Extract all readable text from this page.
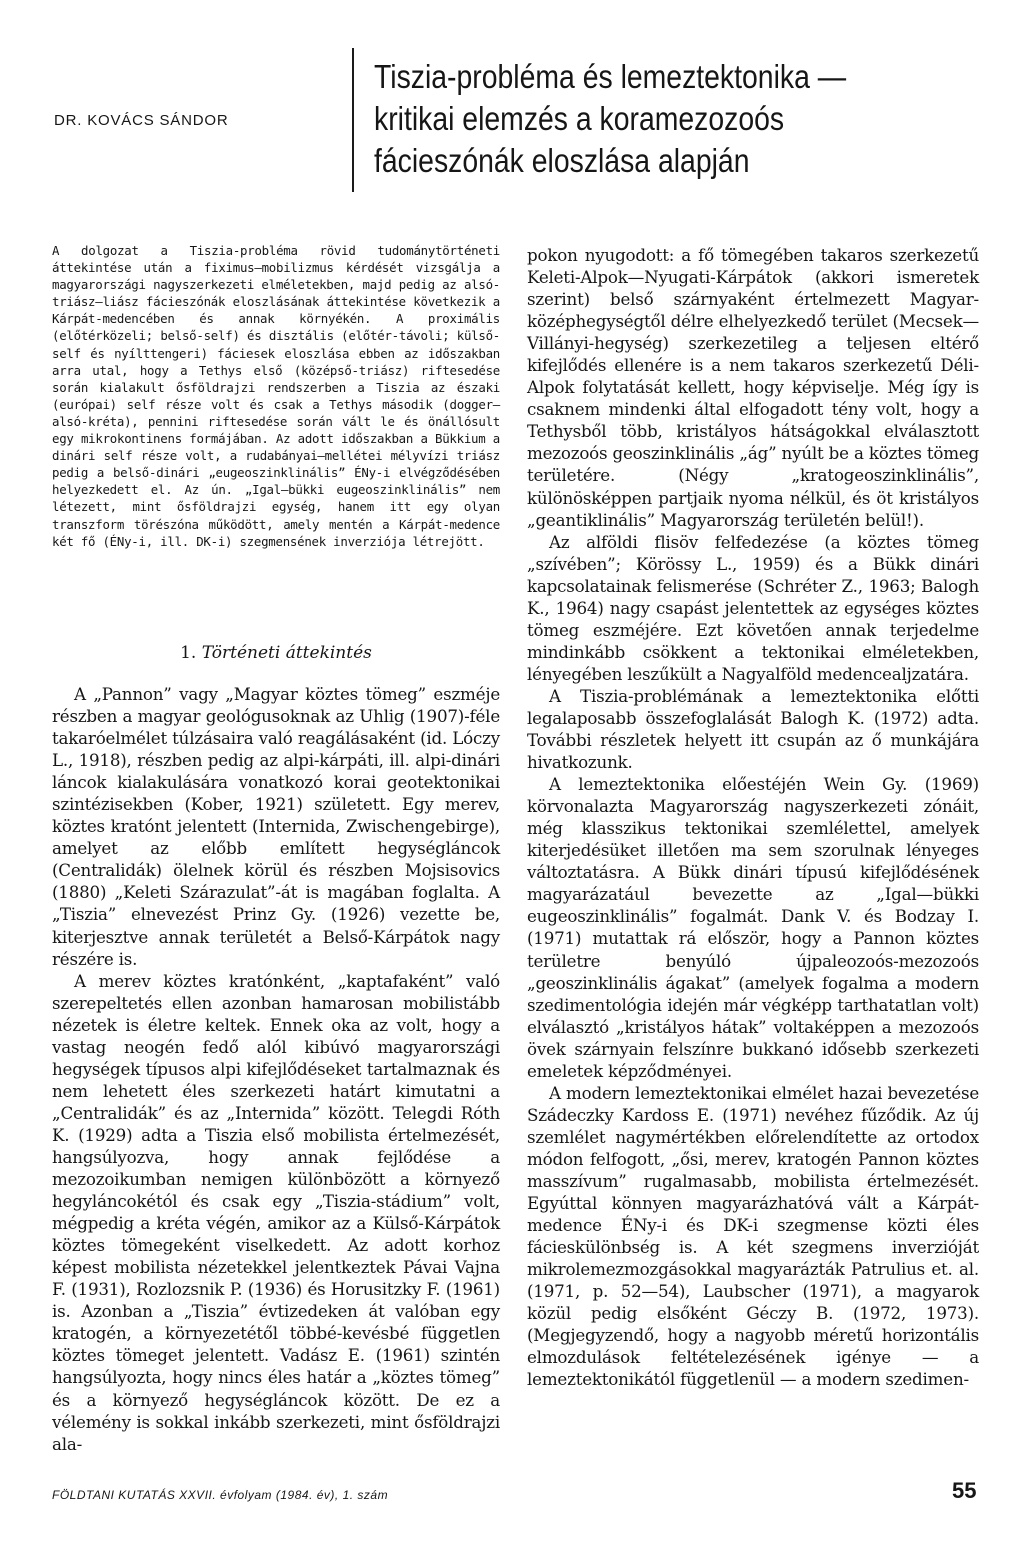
DR. KOVÁCS SÁNDOR
Tiszia-probléma és lemeztektonika —
kritikai elemzés a koramezozoós
fácieszónák eloszlása alapján
A dolgozat a Tiszia-probléma rövid tudománytörténeti áttekintése után a fiximus—mobilizmus kérdését vizsgálja a magyarországi nagyszerkezeti elméletekben, majd pedig az alsó-triász—liász fácieszónák eloszlásának áttekintése következik a Kárpát-medencében és annak környékén. A proximális (előtérközeli; belső-self) és disztális (előtér-távoli; külső-self és nyílttengeri) fáciesek eloszlása ebben az időszakban arra utal, hogy a Tethys első (középső-triász) riftesedése során kialakult ősföldrajzi rendszerben a Tiszia az északi (európai) self része volt és csak a Tethys második (dogger—alsó-kréta), pennini riftesedése során vált le és önállósult egy mikrokontinens formájában. Az adott időszakban a Bükkium a dinári self része volt, a rudabányai—mellétei mélyvízi triász pedig a belső-dinári „eugeoszinklinális” ÉNy-i elvégződésében helyezkedett el. Az ún. „Igal—bükki eugeoszinklinális” nem létezett, mint ősföldrajzi egység, hanem itt egy olyan transzform törészóna működött, amely mentén a Kárpát-medence két fő (ÉNy-i, ill. DK-i) szegmensének inverziója létrejött.
1. Történeti áttekintés

A „Pannon” vagy „Magyar köztes tömeg” eszméje részben a magyar geológusoknak az Uhlig (1907)-féle takaróelmélet túlzásaira való reagálásaként (id. Lóczy L., 1918), részben pedig az alpi-kárpáti, ill. alpi-dinári láncok kialakulására vonatkozó korai geotektonikai szintézisekben (Kober, 1921) született. Egy merev, köztes kratónt jelentett (Internida, Zwischengebirge), amelyet az előbb említett hegységláncok (Centralidák) ölelnek körül és részben Mojsisovics (1880) „Keleti Szárazulat”-át is magában foglalta. A „Tiszia” elnevezést Prinz Gy. (1926) vezette be, kiterjesztve annak területét a Belső-Kárpátok nagy részére is.

A merev köztes kratónként, „kaptafaként” való szerepeltetés ellen azonban hamarosan mobilistább nézetek is életre keltek. Ennek oka az volt, hogy a vastag neogén fedő alól kibúvó magyarországi hegységek típusos alpi kifejlődéseket tartalmaznak és nem lehetett éles szerkezeti határt kimutatni a „Centralidák” és az „Internida” között. Telegdi Róth K. (1929) adta a Tiszia első mobilista értelmezését, hangsúlyozva, hogy annak fejlődése a mezozoikumban nemigen különbözött a környező hegyláncokétól és csak egy „Tiszia-stádium” volt, mégpedig a kréta végén, amikor az a Külső-Kárpátok köztes tömegeként viselkedett. Az adott korhoz képest mobilista nézetekkel jelentkeztek Pávai Vajna F. (1931), Rozlozsnik P. (1936) és Horusitzky F. (1961) is. Azonban a „Tiszia” évtizedeken át valóban egy kratogén, a környezetétől többé-kevésbé független köztes tömeget jelentett. Vadász E. (1961) szintén hangsúlyozta, hogy nincs éles határ a „köztes tömeg” és a környező hegységláncok között. De ez a vélemény is sokkal inkább szerkezeti, mint ősföldrajzi ala-

pokon nyugodott: a fő tömegében takaros szerkezetű Keleti-Alpok—Nyugati-Kárpátok (akkori ismeretek szerint) belső szárnyaként értelmezett Magyar-középhegységtől délre elhelyezkedő terület (Mecsek—Villányi-hegység) szerkezetileg a teljesen eltérő kifejlődés ellenére is a nem takaros szerkezetű Déli-Alpok folytatását kellett, hogy képviselje. Még így is csaknem mindenki által elfogadott tény volt, hogy a Tethysből több, kristályos hátságokkal elválasztott mezozoós geoszinklinális „ág” nyúlt be a köztes tömeg területére. (Négy „kratogeoszinklinális”, különösképpen partjaik nyoma nélkül, és öt kristályos „geantiklinális” Magyarország területén belül!).

Az alföldi flisöv felfedezése (a köztes tömeg „szívében”; Körössy L., 1959) és a Bükk dinári kapcsolatainak felismerése (Schréter Z., 1963; Balogh K., 1964) nagy csapást jelentettek az egységes köztes tömeg eszméjére. Ezt követően annak terjedelme mindinkább csökkent a tektonikai elméletekben, lényegében leszűkült a Nagyalföld medencealjzatára.

A Tiszia-problémának a lemeztektonika előtti legalaposabb összefoglalását Balogh K. (1972) adta. További részletek helyett itt csupán az ő munkájára hivatkozunk.

A lemeztektonika előestéjén Wein Gy. (1969) körvonalazta Magyarország nagyszerkezeti zónáit, még klasszikus tektonikai szemlélettel, amelyek kiterjedésüket illetően ma sem szorulnak lényeges változtatásra. A Bükk dinári típusú kifejlődésének magyarázatául bevezette az „Igal—bükki eugeoszinklinális” fogalmát. Dank V. és Bodzay I. (1971) mutattak rá először, hogy a Pannon köztes területre benyúló újpaleozoós-mezozoós „geoszinklinális ágakat” (amelyek fogalma a modern szedimentológia idején már végképp tarthatatlan volt) elválasztó „kristályos hátak” voltaképpen a mezozoós övek szárnyain felszínre bukkanó idősebb szerkezeti emeletek képződményei.

A modern lemeztektonikai elmélet hazai bevezetése Szádeczky Kardoss E. (1971) nevéhez fűződik. Az új szemlélet nagymértékben előrelendítette az ortodox módon felfogott, „ősi, merev, kratogén Pannon köztes masszívum” rugalmasabb, mobilista értelmezését. Egyúttal könnyen magyarázhatóvá vált a Kárpát-medence ÉNy-i és DK-i szegmense közti éles fácieskülönbség is. A két szegmens inverzióját mikrolemezmozgásokkal magyarázták Patrulius et. al. (1971, p. 52—54), Laubscher (1971), a magyarok közül pedig elsőként Géczy B. (1972, 1973). (Megjegyzendő, hogy a nagyobb méretű horizontális elmozdulások feltételezésének igénye — a lemeztektonikától függetlenül — a modern szedimen-

FÖLDTANI KUTATÁS XXVII. évfolyam (1984. év), 1. szám	55
